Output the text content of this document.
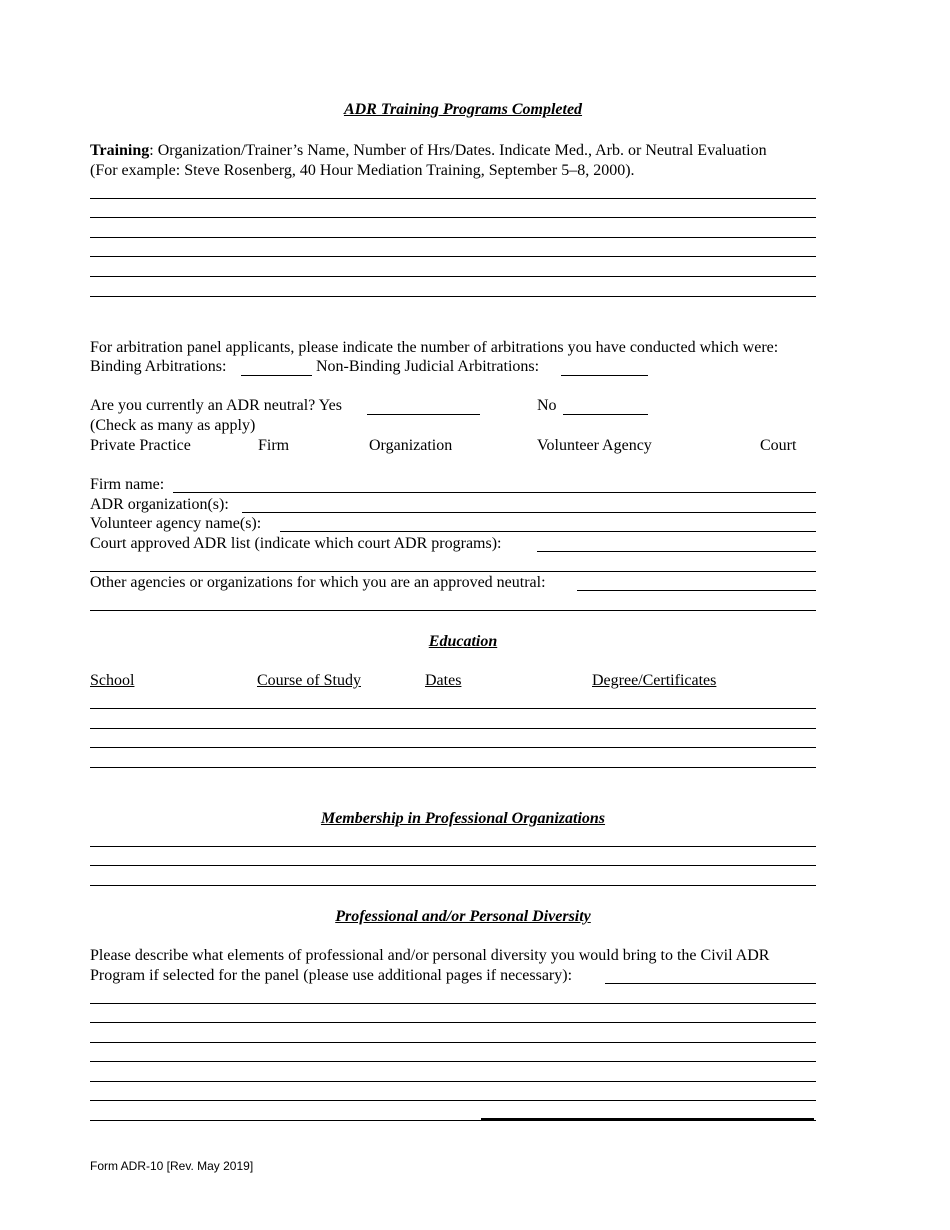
ADR Training Programs Completed
Training: Organization/Trainer’s Name, Number of Hrs/Dates. Indicate Med., Arb. or Neutral Evaluation
(For example: Steve Rosenberg, 40 Hour Mediation Training, September 5–8, 2000).
For arbitration panel applicants, please indicate the number of arbitrations you have conducted which were:
Binding Arbitrations:	Non-Binding Judicial Arbitrations:
Are you currently an ADR neutral? Yes	No
(Check as many as apply)
Private Practice	Firm	Organization	Volunteer Agency	Court
Firm name:
ADR organization(s):
Volunteer agency name(s):
Court approved ADR list (indicate which court ADR programs):
Other agencies or organizations for which you are an approved neutral:
Education
School	Course of Study	Dates	Degree/Certificates
Membership in Professional Organizations
Professional and/or Personal Diversity
Please describe what elements of professional and/or personal diversity you would bring to the Civil ADR
Program if selected for the panel (please use additional pages if necessary):
Form ADR-10 [Rev. May 2019]
